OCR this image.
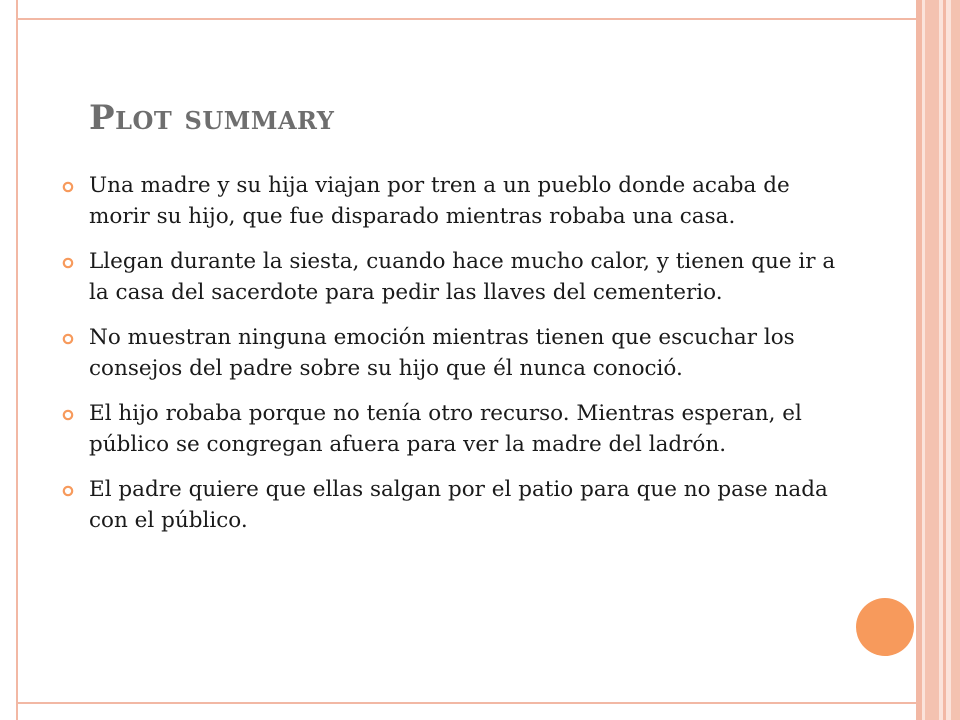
Plot summary
Una madre y su hija viajan por tren a un pueblo donde acaba de morir su hijo, que fue disparado mientras robaba una casa.
Llegan durante la siesta, cuando hace mucho calor, y tienen que ir a la casa del sacerdote para pedir las llaves del cementerio.
No muestran ninguna emoción mientras tienen que escuchar los consejos del padre sobre su hijo que él nunca conoció.
El hijo robaba porque no tenía otro recurso. Mientras esperan, el público se congregan afuera para ver la madre del ladrón.
El padre quiere que ellas salgan por el patio para que no pase nada con el público.
